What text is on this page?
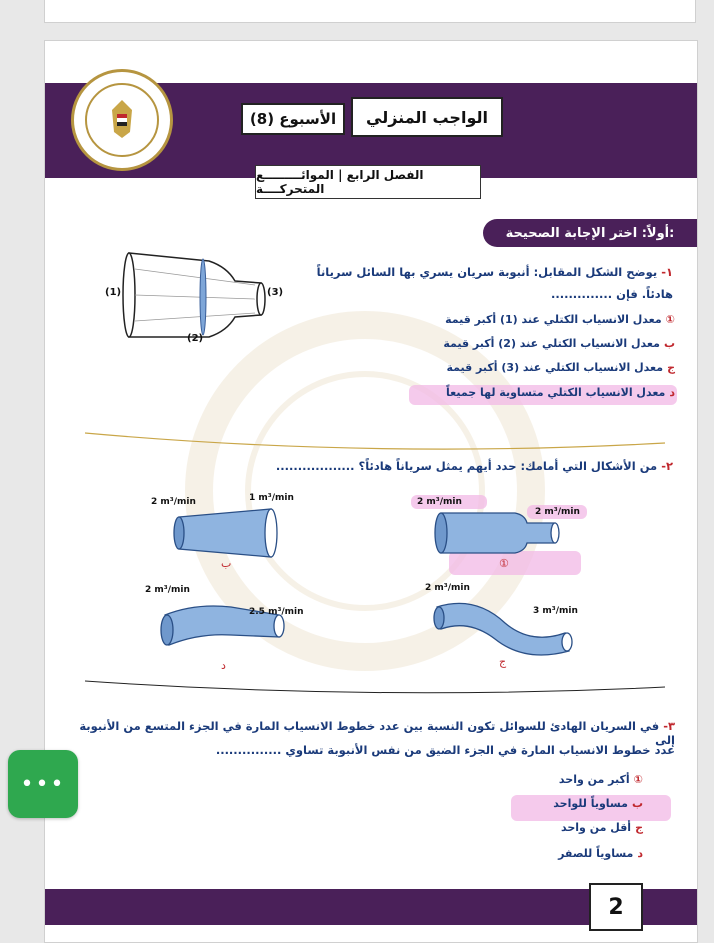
الواجب المنزلي
الأسبوع (8)
الفصل الرابع | الموائـــــــــع المتحركــــة
أولاً: اختر الإجابة الصحيحة:
١- يوضح الشكل المقابل: أنبوبة سريان يسري بها السائل سرياناً هادئاً. فإن ..............
(1)
(2)
(3)
①
معدل الانسياب الكتلي عند (1) أكبر قيمة
ب
معدل الانسياب الكتلي عند (2) أكبر قيمة
ج
معدل الانسياب الكتلي عند (3) أكبر قيمة
د
معدل الانسياب الكتلي متساوية لها جميعاً
٢- من الأشكال التي أمامك: حدد أيهم يمثل سرياناً هادئاً؟ ..................
2 m³/min
2 m³/min
①
2 m³/min	1 m³/min
ب
2 m³/min
3 m³/min
ج
2 m³/min
2.5 m³/min
د
٣- في السريان الهادئ للسوائل تكون النسبة بين عدد خطوط الانسياب المارة في الجزء المتسع من الأنبوبة إلى
عدد خطوط الانسياب المارة في الجزء الضيق من نفس الأنبوبة تساوي ...............
①
أكبر من واحد
ب
مساوياً للواحد
ج
أقل من واحد
د
مساوياً للصفر
2
•••
